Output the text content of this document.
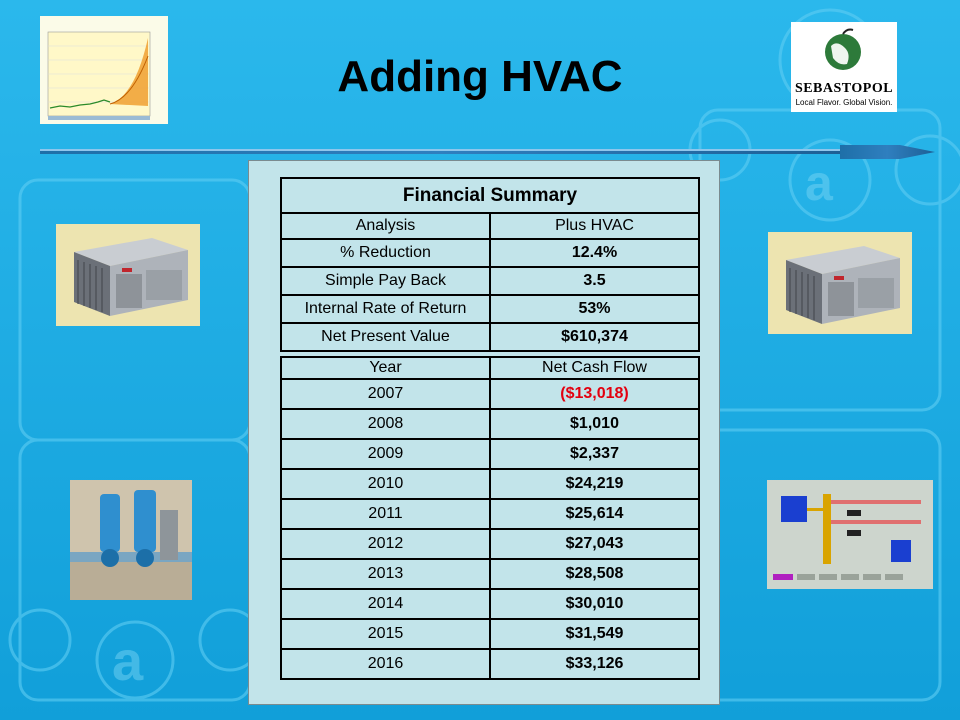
a
a
Adding HVAC	SEBASTOPOL
Local Flavor. Global Vision.
Financial Summary	
Analysis	Plus HVAC
% Reduction	12.4%
Simple Pay Back	3.5
Internal Rate of Return	53%
Net Present Value	$610,374
Year	Net Cash Flow
2007	($13,018)
2008	$1,010
2009	$2,337
2010	$24,219
2011	$25,614
2012	$27,043
2013	$28,508
2014	$30,010
2015	$31,549
2016	$33,126
